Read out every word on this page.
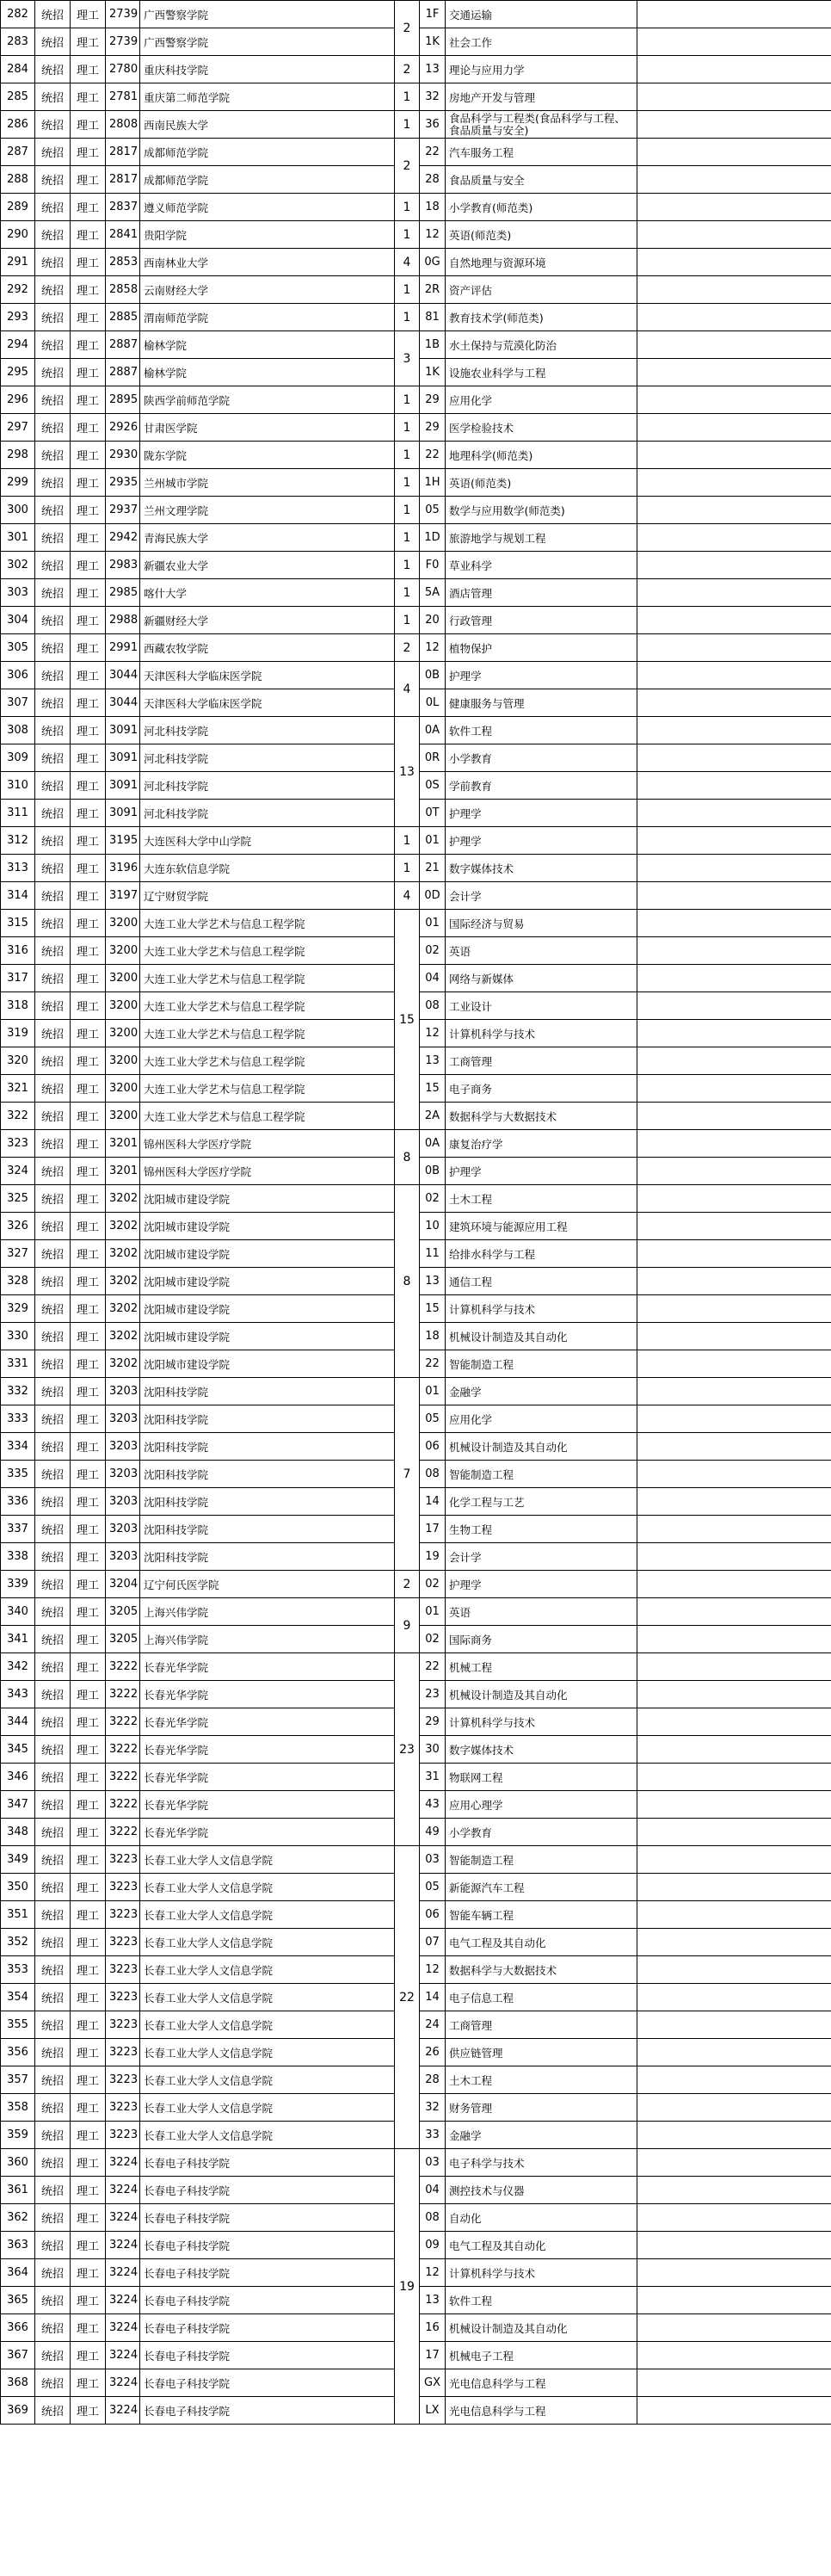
282	统招	理工	2739	广西警察学院	2	1F	交通运输	
283	统招	理工	2739	广西警察学院		1K	社会工作	
284	统招	理工	2780	重庆科技学院	2	13	理论与应用力学	
285	统招	理工	2781	重庆第二师范学院	1	32	房地产开发与管理	
286	统招	理工	2808	西南民族大学	1	36	食品科学与工程类(食品科学与工程、食品质量与安全)	
287	统招	理工	2817	成都师范学院	2	22	汽车服务工程	
288	统招	理工	2817	成都师范学院		28	食品质量与安全	
289	统招	理工	2837	遵义师范学院	1	18	小学教育(师范类)	
290	统招	理工	2841	贵阳学院	1	12	英语(师范类)	
291	统招	理工	2853	西南林业大学	4	0G	自然地理与资源环境	
292	统招	理工	2858	云南财经大学	1	2R	资产评估	
293	统招	理工	2885	渭南师范学院	1	81	教育技术学(师范类)	
294	统招	理工	2887	榆林学院	3	1B	水土保持与荒漠化防治	
295	统招	理工	2887	榆林学院		1K	设施农业科学与工程	
296	统招	理工	2895	陕西学前师范学院	1	29	应用化学	
297	统招	理工	2926	甘肃医学院	1	29	医学检验技术	
298	统招	理工	2930	陇东学院	1	22	地理科学(师范类)	
299	统招	理工	2935	兰州城市学院	1	1H	英语(师范类)	
300	统招	理工	2937	兰州文理学院	1	05	数学与应用数学(师范类)	
301	统招	理工	2942	青海民族大学	1	1D	旅游地学与规划工程	
302	统招	理工	2983	新疆农业大学	1	F0	草业科学	
303	统招	理工	2985	喀什大学	1	5A	酒店管理	
304	统招	理工	2988	新疆财经大学	1	20	行政管理	
305	统招	理工	2991	西藏农牧学院	2	12	植物保护	
306	统招	理工	3044	天津医科大学临床医学院	4	0B	护理学	
307	统招	理工	3044	天津医科大学临床医学院		0L	健康服务与管理	
308	统招	理工	3091	河北科技学院	13	0A	软件工程	
309	统招	理工	3091	河北科技学院		0R	小学教育	
310	统招	理工	3091	河北科技学院		0S	学前教育	
311	统招	理工	3091	河北科技学院		0T	护理学	
312	统招	理工	3195	大连医科大学中山学院	1	01	护理学	
313	统招	理工	3196	大连东软信息学院	1	21	数字媒体技术	
314	统招	理工	3197	辽宁财贸学院	4	0D	会计学	
315	统招	理工	3200	大连工业大学艺术与信息工程学院	15	01	国际经济与贸易	
316	统招	理工	3200	大连工业大学艺术与信息工程学院		02	英语	
317	统招	理工	3200	大连工业大学艺术与信息工程学院		04	网络与新媒体	
318	统招	理工	3200	大连工业大学艺术与信息工程学院		08	工业设计	
319	统招	理工	3200	大连工业大学艺术与信息工程学院		12	计算机科学与技术	
320	统招	理工	3200	大连工业大学艺术与信息工程学院		13	工商管理	
321	统招	理工	3200	大连工业大学艺术与信息工程学院		15	电子商务	
322	统招	理工	3200	大连工业大学艺术与信息工程学院		2A	数据科学与大数据技术	
323	统招	理工	3201	锦州医科大学医疗学院	8	0A	康复治疗学	
324	统招	理工	3201	锦州医科大学医疗学院		0B	护理学	
325	统招	理工	3202	沈阳城市建设学院	8	02	土木工程	
326	统招	理工	3202	沈阳城市建设学院		10	建筑环境与能源应用工程	
327	统招	理工	3202	沈阳城市建设学院		11	给排水科学与工程	
328	统招	理工	3202	沈阳城市建设学院		13	通信工程	
329	统招	理工	3202	沈阳城市建设学院		15	计算机科学与技术	
330	统招	理工	3202	沈阳城市建设学院		18	机械设计制造及其自动化	
331	统招	理工	3202	沈阳城市建设学院		22	智能制造工程	
332	统招	理工	3203	沈阳科技学院	7	01	金融学	
333	统招	理工	3203	沈阳科技学院		05	应用化学	
334	统招	理工	3203	沈阳科技学院		06	机械设计制造及其自动化	
335	统招	理工	3203	沈阳科技学院		08	智能制造工程	
336	统招	理工	3203	沈阳科技学院		14	化学工程与工艺	
337	统招	理工	3203	沈阳科技学院		17	生物工程	
338	统招	理工	3203	沈阳科技学院		19	会计学	
339	统招	理工	3204	辽宁何氏医学院	2	02	护理学	
340	统招	理工	3205	上海兴伟学院	9	01	英语	
341	统招	理工	3205	上海兴伟学院		02	国际商务	
342	统招	理工	3222	长春光华学院	23	22	机械工程	
343	统招	理工	3222	长春光华学院		23	机械设计制造及其自动化	
344	统招	理工	3222	长春光华学院		29	计算机科学与技术	
345	统招	理工	3222	长春光华学院		30	数字媒体技术	
346	统招	理工	3222	长春光华学院		31	物联网工程	
347	统招	理工	3222	长春光华学院		43	应用心理学	
348	统招	理工	3222	长春光华学院		49	小学教育	
349	统招	理工	3223	长春工业大学人文信息学院	22	03	智能制造工程	
350	统招	理工	3223	长春工业大学人文信息学院		05	新能源汽车工程	
351	统招	理工	3223	长春工业大学人文信息学院		06	智能车辆工程	
352	统招	理工	3223	长春工业大学人文信息学院		07	电气工程及其自动化	
353	统招	理工	3223	长春工业大学人文信息学院		12	数据科学与大数据技术	
354	统招	理工	3223	长春工业大学人文信息学院		14	电子信息工程	
355	统招	理工	3223	长春工业大学人文信息学院		24	工商管理	
356	统招	理工	3223	长春工业大学人文信息学院		26	供应链管理	
357	统招	理工	3223	长春工业大学人文信息学院		28	土木工程	
358	统招	理工	3223	长春工业大学人文信息学院		32	财务管理	
359	统招	理工	3223	长春工业大学人文信息学院		33	金融学	
360	统招	理工	3224	长春电子科技学院	19	03	电子科学与技术	
361	统招	理工	3224	长春电子科技学院		04	测控技术与仪器	
362	统招	理工	3224	长春电子科技学院		08	自动化	
363	统招	理工	3224	长春电子科技学院		09	电气工程及其自动化	
364	统招	理工	3224	长春电子科技学院		12	计算机科学与技术	
365	统招	理工	3224	长春电子科技学院		13	软件工程	
366	统招	理工	3224	长春电子科技学院		16	机械设计制造及其自动化	
367	统招	理工	3224	长春电子科技学院		17	机械电子工程	
368	统招	理工	3224	长春电子科技学院		GX	光电信息科学与工程	
369	统招	理工	3224	长春电子科技学院		LX	光电信息科学与工程	
